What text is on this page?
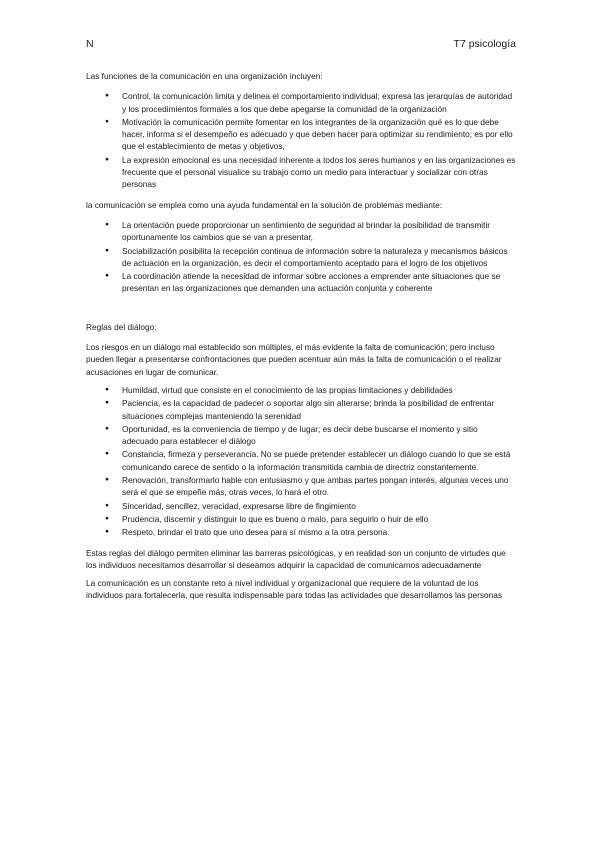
N	T7 psicología

Las funciones de la comunicación en una organización incluyen:

● Control, la comunicación limita y delinea el comportamiento individual; expresa las jerarquías de autoridad y los procedimientos formales a los que debe apegarse la comunidad de la organización
● Motivación la comunicación permite fomentar en los integrantes de la organización qué es lo que debe hacer, informa si el desempeño es adecuado y que deben hacer para optimizar su rendimiento; es por ello que el establecimiento de metas y objetivos,
● La expresión emocional es una necesidad inherente a todos los seres humanos y en las organizaciones es frecuente que el personal visualice su trabajo como un medio para interactuar y socializar con otras personas

la comunicación se emplea como una ayuda fundamental en la solución de problemas mediante:

● La orientación puede proporcionar un sentimiento de seguridad al brindar la posibilidad de transmitir oportunamente los cambios que se van a presentar,
● Sociabilización posibilita la recepción continua de información sobre la naturaleza y mecanismos básicos de actuación en la organización, es decir el comportamiento aceptado para el logro de los objetivos
● La coordinación atiende la necesidad de informar sobre acciones a emprender ante situaciones que se presentan en las organizaciones que demanden una actuación conjunta y coherente

Reglas del diálogo:

Los riesgos en un diálogo mal establecido son múltiples, el más evidente la falta de comunicación; pero incluso pueden llegar a presentarse confrontaciones que pueden acentuar aún más la falta de comunicación o el realizar acusaciones en lugar de comunicar.

● Humildad, virtud que consiste en el conocimiento de las propias limitaciones y debilidades
● Paciencia, es la capacidad de padecer o soportar algo sin alterarse; brinda la posibilidad de enfrentar situaciones complejas manteniendo la serenidad
● Oportunidad, es la conveniencia de tiempo y de lugar; es decir debe buscarse el momento y sitio adecuado para establecer el diálogo
● Constancia, firmeza y perseverancia. No se puede pretender establecer un diálogo cuando lo que se está comunicando carece de sentido o la información transmitida cambia de directriz constantemente.
● Renovación, transformarlo hable con entusiasmo y que ambas partes pongan interés, algunas veces uno será el que se empeñe más, otras veces, lo hará el otro.
● Sinceridad, sencillez, veracidad, expresarse libre de fingimiento
● Prudencia, discernir y distinguir lo que es bueno o malo, para seguirlo o huir de ello
● Respeto, brindar el trato que uno desea para sí mismo a la otra persona.

Estas reglas del diálogo permiten eliminar las barreras psicológicas, y en realidad son un conjunto de virtudes que los individuos necesitamos desarrollar si deseamos adquirir la capacidad de comunicarnos adecuadamente

La comunicación es un constante reto a nivel individual y organizacional que requiere de la voluntad de los individuos para fortalecerla, que resulta indispensable para todas las actividades que desarrollamos las personas
